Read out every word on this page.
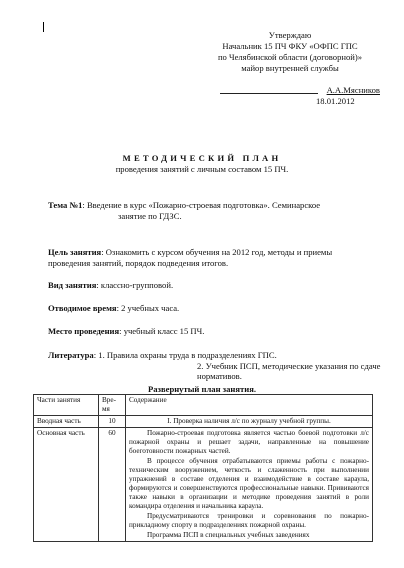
Утверждаю
Начальник 15 ПЧ ФКУ «ОФПС ГПС
по Челябинской области (договорной)»
майор внутренней службы
А.А.Мясников
18.01.2012
МЕТОДИЧЕСКИЙ ПЛАН
проведения занятий с личным составом 15 ПЧ.
Тема №1: Введение в курс «Пожарно-строевая подготовка». Семинарское
занятие по ГДЗС.
Цель занятия: Ознакомить с курсом обучения на 2012 год, методы и приемы
проведения занятий, порядок подведения итогов.
Вид занятия: классно-групповой.
Отводимое время: 2 учебных часа.
Место проведения: учебный класс 15 ПЧ.
Литература: 1. Правила охраны труда в подразделениях ГПС.
2. Учебник ПСП, методические указания по сдаче нормативов.
Развернутый план занятия.
Части занятия	Вре-мя	Содержание
Вводная часть	10	I. Проверка наличия л/с по журналу учебной группы.
Основная часть	60	Пожарно-строевая подготовка является частью боевой подготовки л/с пожарной охраны и решает задачи, направленные на повышение боеготовности пожарных частей.

В процессе обучения отрабатываются приемы работы с пожарно-техническим вооружением, четкость и слаженность при выполнении упражнений в составе отделения и взаимодействие в составе караула, формируются и совершенствуются профессиональные навыки. Прививаются также навыки в организации и методике проведения занятий в роли командира отделения и начальника караула.

Предусматриваются тренировки и соревнования по пожарно-прикладному спорту в подразделениях пожарной охраны.

Программа ПСП в специальных учебных заведениях
